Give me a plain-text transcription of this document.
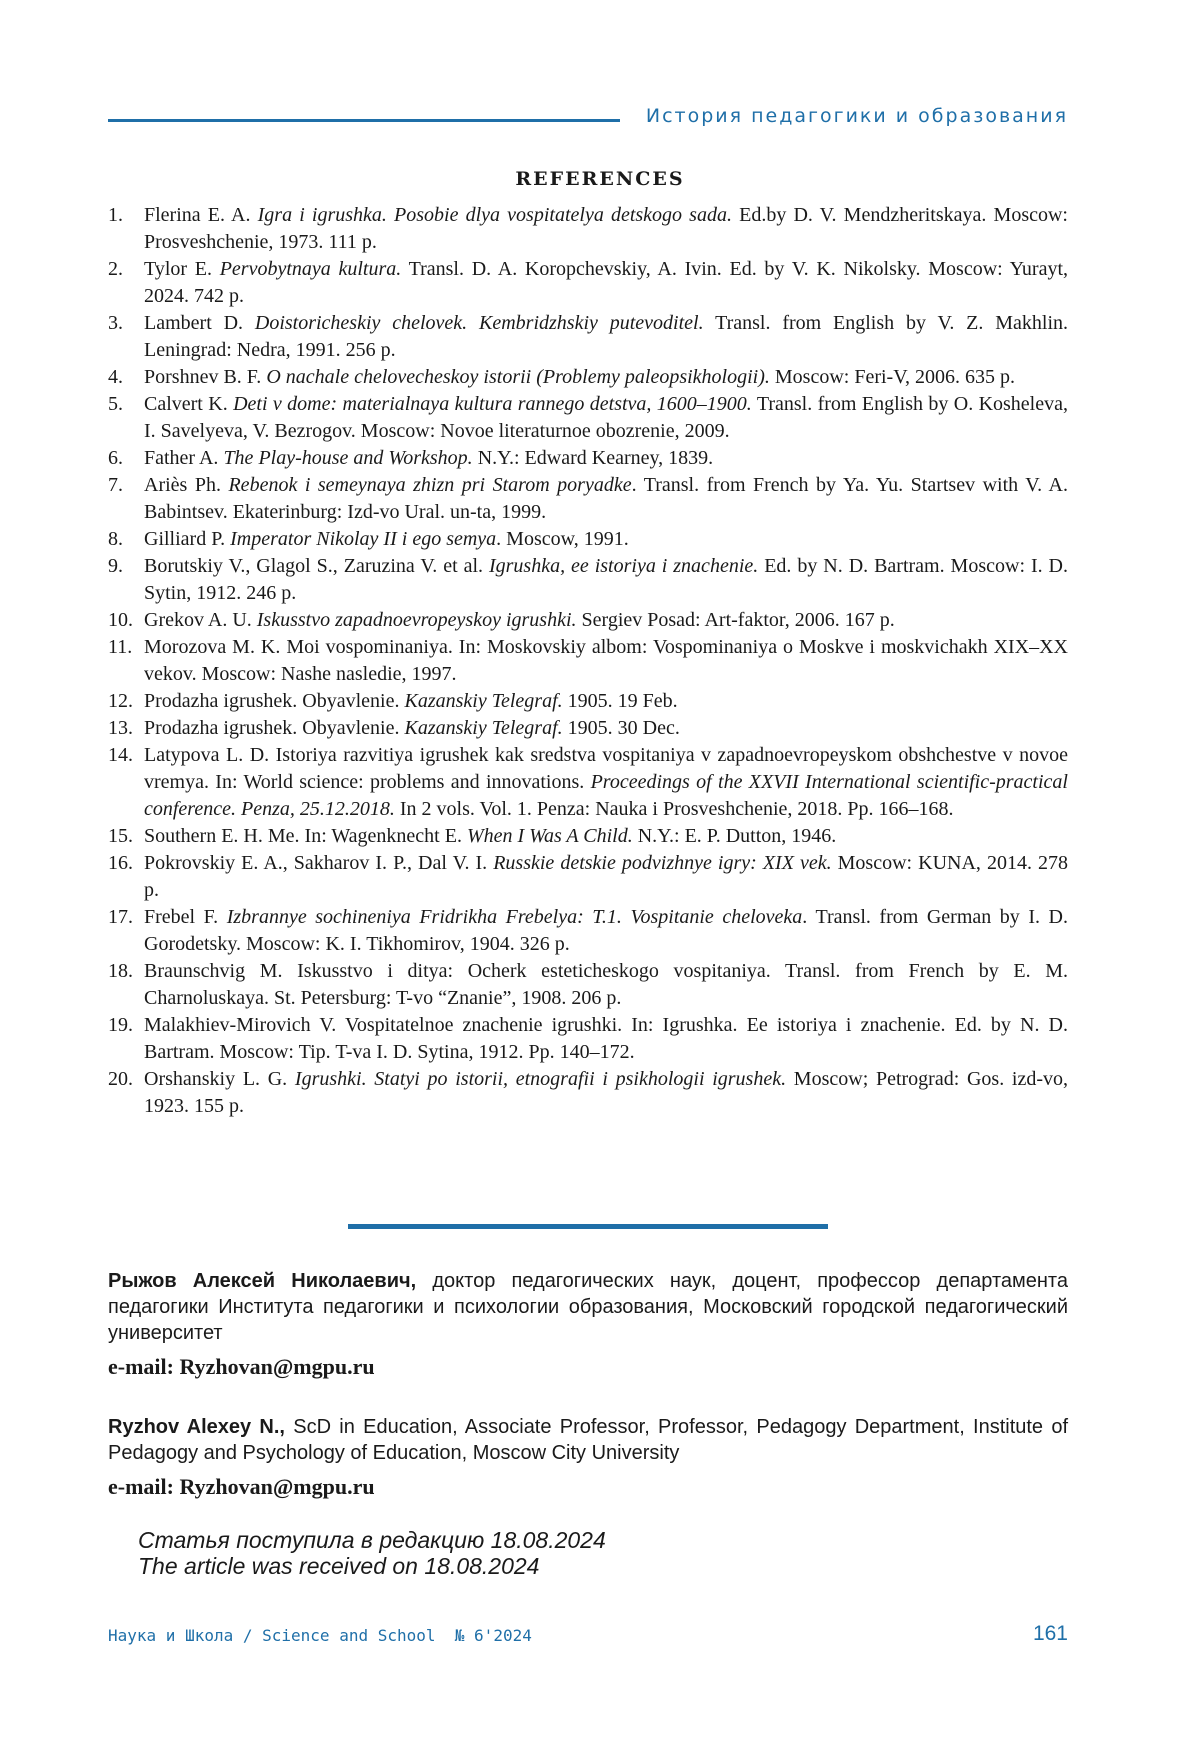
История педагогики и образования
REFERENCES
1.	Flerina E. A. Igra i igrushka. Posobie dlya vospitatelya detskogo sada. Ed.by D. V. Mendzheritskaya. Moscow: Prosveshchenie, 1973. 111 p.
2.	Tylor E. Pervobytnaya kultura. Transl. D. A. Koropchevskiy, A. Ivin. Ed. by V. K. Nikolsky. Moscow: Yurayt, 2024. 742 p.
3.	Lambert D. Doistoricheskiy chelovek. Kembridzhskiy putevoditel. Transl. from English by V. Z. Makhlin. Leningrad: Nedra, 1991. 256 p.
4.	Porshnev B. F. O nachale chelovecheskoy istorii (Problemy paleopsikhologii). Moscow: Feri-V, 2006. 635 p.
5.	Calvert K. Deti v dome: materialnaya kultura rannego detstva, 1600–1900. Transl. from English by O. Kosheleva, I. Savelyeva, V. Bezrogov. Moscow: Novoe literaturnoe obozrenie, 2009.
6.	Father A. The Play-house and Workshop. N.Y.: Edward Kearney, 1839.
7.	Ariès Ph. Rebenok i semeynaya zhizn pri Starom poryadke. Transl. from French by Ya. Yu. Startsev with V. A. Babintsev. Ekaterinburg: Izd-vo Ural. un-ta, 1999.
8.	Gilliard P. Imperator Nikolay II i ego semya. Moscow, 1991.
9.	Borutskiy V., Glagol S., Zaruzina V. et al. Igrushka, ee istoriya i znachenie. Ed. by N. D. Bartram. Moscow: I. D. Sytin, 1912. 246 p.
10. Grekov A. U. Iskusstvo zapadnoevropeyskoy igrushki. Sergiev Posad: Art-faktor, 2006. 167 p.
11. Morozova M. K. Moi vospominaniya. In: Moskovskiy albom: Vospominaniya o Moskve i moskvichakh XIX–XX vekov. Moscow: Nashe nasledie, 1997.
12. Prodazha igrushek. Obyavlenie. Kazanskiy Telegraf. 1905. 19 Feb.
13. Prodazha igrushek. Obyavlenie. Kazanskiy Telegraf. 1905. 30 Dec.
14. Latypova L. D. Istoriya razvitiya igrushek kak sredstva vospitaniya v zapadnoevropeyskom obshchestve v novoe vremya. In: World science: problems and innovations. Proceedings of the XXVII International scientific-practical conference. Penza, 25.12.2018. In 2 vols. Vol. 1. Penza: Nauka i Prosveshchenie, 2018. Pp. 166–168.
15. Southern E. H. Me. In: Wagenknecht E. When I Was A Child. N.Y.: E. P. Dutton, 1946.
16. Pokrovskiy E. A., Sakharov I. P., Dal V. I. Russkie detskie podvizhnye igry: XIX vek. Moscow: KUNA, 2014. 278 p.
17. Frebel F. Izbrannye sochineniya Fridrikha Frebelya: T.1. Vospitanie cheloveka. Transl. from German by I. D. Gorodetsky. Moscow: K. I. Tikhomirov, 1904. 326 p.
18. Braunschvig M. Iskusstvo i ditya: Ocherk esteticheskogo vospitaniya. Transl. from French by E. M. Charnoluskaya. St. Petersburg: T-vo “Znanie”, 1908. 206 p.
19. Malakhiev-Mirovich V. Vospitatelnoe znachenie igrushki. In: Igrushka. Ee istoriya i znachenie. Ed. by N. D. Bartram. Moscow: Tip. T-va I. D. Sytina, 1912. Pp. 140–172.
20. Orshanskiy L. G. Igrushki. Statyi po istorii, etnografii i psikhologii igrushek. Moscow; Petrograd: Gos. izd-vo, 1923. 155 p.
Рыжов Алексей Николаевич, доктор педагогических наук, доцент, профессор департамента педагогики Института педагогики и психологии образования, Московский городской педагогический университет
e-mail: Ryzhovan@mgpu.ru
Ryzhov Alexey N., ScD in Education, Associate Professor, Professor, Pedagogy Department, Institute of Pedagogy and Psychology of Education, Moscow City University
e-mail: Ryzhovan@mgpu.ru
Статья поступила в редакцию 18.08.2024
The article was received on 18.08.2024
Наука и Школа / Science and School  № 6'2024	161
